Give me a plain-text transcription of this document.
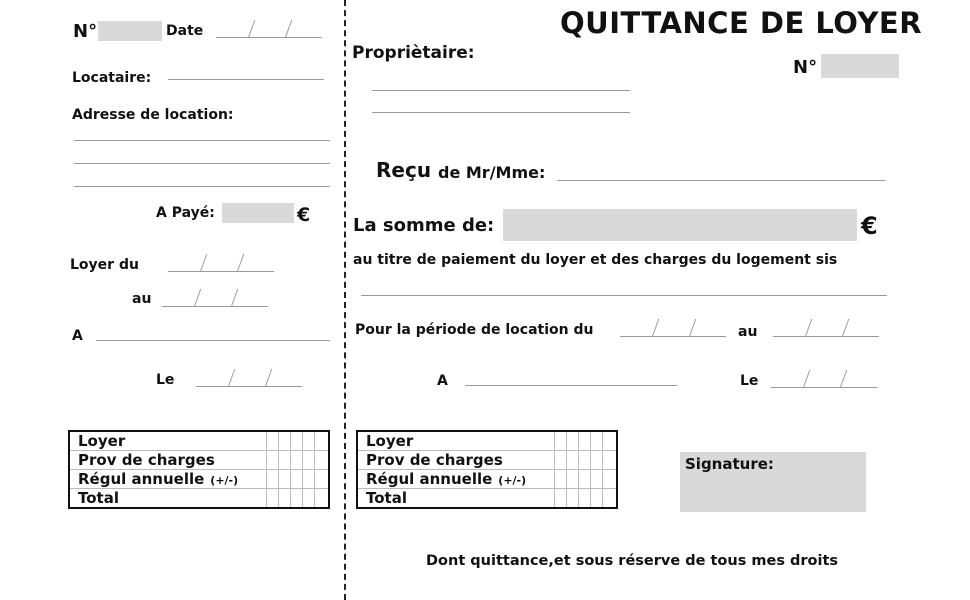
N°	Date
Locataire:
Adresse de location:
A Payé:	€
Loyer du
au
A
Le
Loyer
Prov de charges
Régul annuelle (+/-)
Total
QUITTANCE DE LOYER
Propriètaire:
N°
Reçu de Mr/Mme:
La somme de:	€
au titre de paiement du loyer et des charges du logement sis
Pour la période de location du	au
A	Le
Loyer
Prov de charges
Régul annuelle (+/-)
Total
Signature:
Dont quittance,et sous réserve de tous mes droits
